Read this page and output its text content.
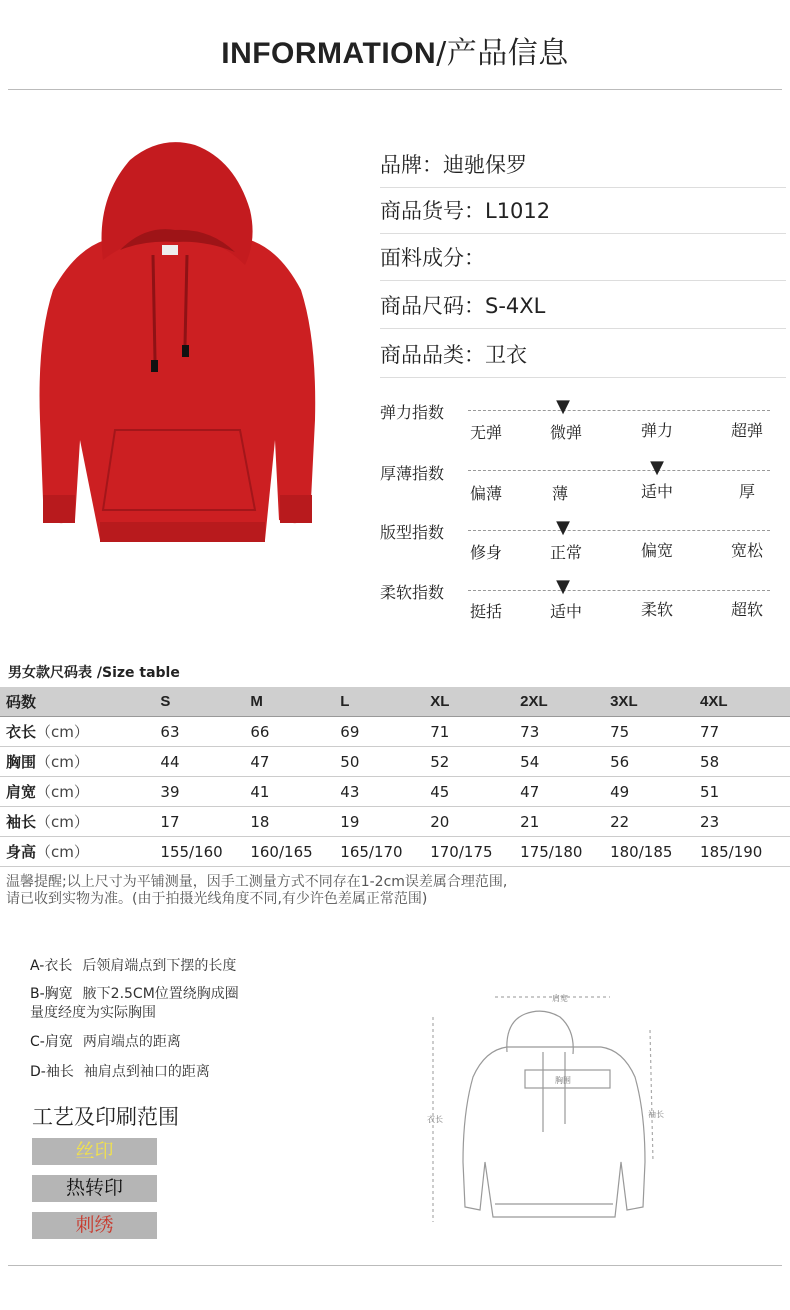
INFORMATION/产品信息
品牌：迪驰保罗
商品货号：L1012
面料成分：
商品尺码：S-4XL
商品品类：卫衣
弹力指数	▼
无弹	微弹	弹力	超弹
厚薄指数	▼
偏薄	薄	适中	厚
版型指数	▼
修身	正常	偏宽	宽松
柔软指数	▼
挺括	适中	柔软	超软
男女款尺码表 /Size table
码数	S	M	L	XL	2XL	3XL	4XL
衣长（cm）	63	66	69	71	73	75	77
胸围（cm）	44	47	50	52	54	56	58
肩宽（cm）	39	41	43	45	47	49	51
袖长（cm）	17	18	19	20	21	22	23
身高（cm）	155/160	160/165	165/170	170/175	175/180	180/185	185/190
温馨提醒;以上尺寸为平铺测量，因手工测量方式不同存在1-2cm误差属合理范围,
请已收到实物为准。(由于拍摄光线角度不同,有少许色差属正常范围)
A-衣长 后领肩端点到下摆的长度
B-胸宽 腋下2.5CM位置绕胸成圈
量度经度为实际胸围
C-肩宽 两肩端点的距离
D-袖长 袖肩点到袖口的距离
工艺及印刷范围
丝印
热转印
刺绣
肩宽
胸围
衣长
袖长
